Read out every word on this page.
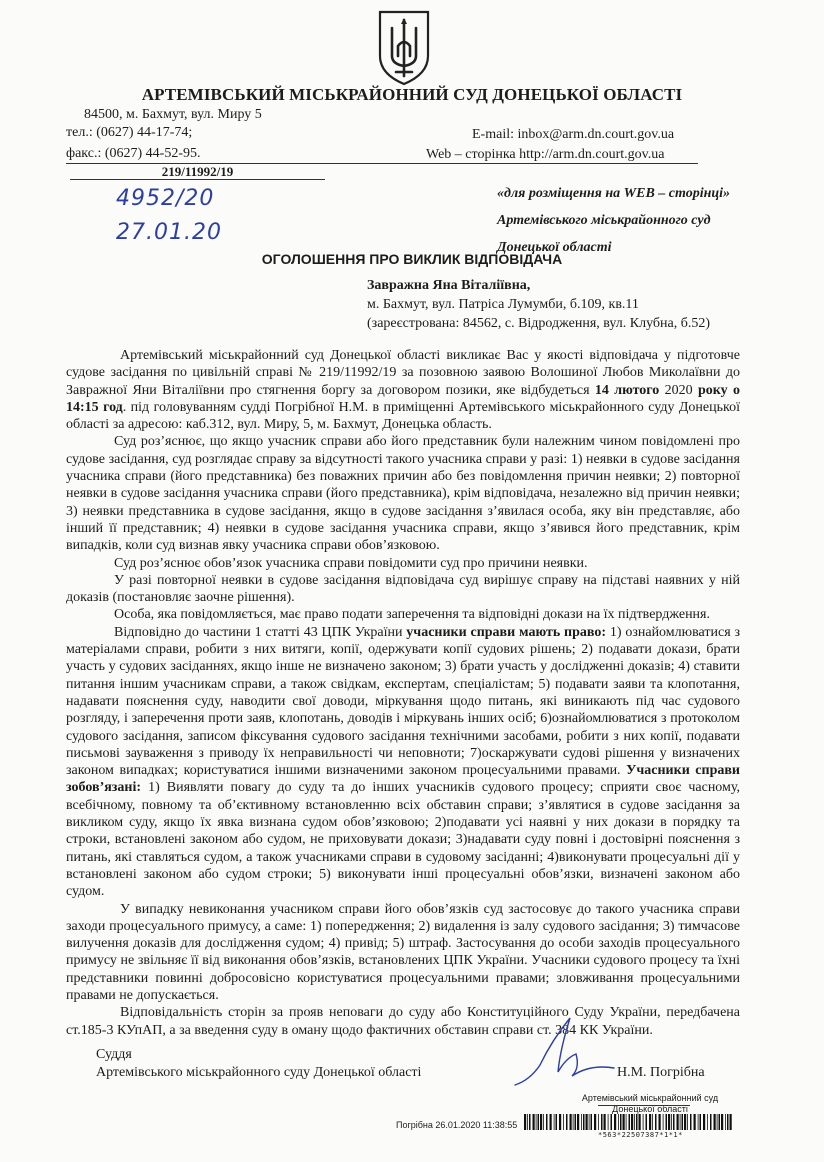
АРТЕМІВСЬКИЙ МІСЬКРАЙОННИЙ СУД ДОНЕЦЬКОЇ ОБЛАСТІ
84500, м. Бахмут, вул. Миру 5
тел.: (0627) 44-17-74;
факс.: (0627) 44-52-95.
E-mail: inbox@arm.dn.court.gov.ua
Web – сторінка http://arm.dn.court.gov.ua
219/11992/19
4952/20
27.01.20
«для розміщення на WEB – сторінці»
Артемівського міськрайонного суд
Донецької області
ОГОЛОШЕННЯ ПРО ВИКЛИК ВІДПОВІДАЧА
Завражна Яна Віталіївна,
м. Бахмут, вул. Патріса Лумумби, б.109, кв.11
(зареєстрована: 84562, с. Відродження, вул. Клубна, б.52)

Артемівський міськрайонний суд Донецької області викликає Вас у якості відповідача у підготовче судове засідання по цивільній справі № 219/11992/19 за позовною заявою Волошиної Любов Миколаївни до Завражної Яни Віталіївни про стягнення боргу за договором позики, яке відбудеться 14 лютого 2020 року о 14:15 год. під головуванням судді Погрібної Н.М. в приміщенні Артемівського міськрайонного суду Донецької області за адресою: каб.312, вул. Миру, 5, м. Бахмут, Донецька область.

Суд роз’яснює, що якщо учасник справи або його представник були належним чином повідомлені про судове засідання, суд розглядає справу за відсутності такого учасника справи у разі: 1) неявки в судове засідання учасника справи (його представника) без поважних причин або без повідомлення причин неявки; 2) повторної неявки в судове засідання учасника справи (його представника), крім відповідача, незалежно від причин неявки; 3) неявки представника в судове засідання, якщо в судове засідання з’явилася особа, яку він представляє, або інший її представник; 4) неявки в судове засідання учасника справи, якщо з’явився його представник, крім випадків, коли суд визнав явку учасника справи обов’язковою.

Суд роз’яснює обов’язок учасника справи повідомити суд про причини неявки.

У разі повторної неявки в судове засідання відповідача суд вирішує справу на підставі наявних у ній доказів (постановляє заочне рішення).

Особа, яка повідомляється, має право подати заперечення та відповідні докази на їх підтвердження.

Відповідно до частини 1 статті 43 ЦПК України учасники справи мають право: 1) ознайомлюватися з матеріалами справи, робити з них витяги, копії, одержувати копії судових рішень; 2) подавати докази, брати участь у судових засіданнях, якщо інше не визначено законом; 3) брати участь у дослідженні доказів; 4) ставити питання іншим учасникам справи, а також свідкам, експертам, спеціалістам; 5) подавати заяви та клопотання, надавати пояснення суду, наводити свої доводи, міркування щодо питань, які виникають під час судового розгляду, і заперечення проти заяв, клопотань, доводів і міркувань інших осіб; 6)ознайомлюватися з протоколом судового засідання, записом фіксування судового засідання технічними засобами, робити з них копії, подавати письмові зауваження з приводу їх неправильності чи неповноти; 7)оскаржувати судові рішення у визначених законом випадках; користуватися іншими визначеними законом процесуальними правами. Учасники справи зобов’язані: 1) Виявляти повагу до суду та до інших учасників судового процесу; сприяти своє часному, всебічному, повному та об’єктивному встановленню всіх обставин справи; з’являтися в судове засідання за викликом суду, якщо їх явка визнана судом обов’язковою; 2)подавати усі наявні у них докази в порядку та строки, встановлені законом або судом, не приховувати докази; 3)надавати суду повні і достовірні пояснення з питань, які ставляться судом, а також учасниками справи в судовому засіданні; 4)виконувати процесуальні дії у встановлені законом або судом строки; 5) виконувати інші процесуальні обов’язки, визначені законом або судом.

У випадку невиконання учасником справи його обов’язків суд застосовує до такого учасника справи заходи процесуального примусу, а саме: 1) попередження; 2) видалення із залу судового засідання; 3) тимчасове вилучення доказів для дослідження судом; 4) привід; 5) штраф. Застосування до особи заходів процесуального примусу не звільняє її від виконання обов’язків, встановлених ЦПК України. Учасники судового процесу та їхні представники повинні добросовісно користуватися процесуальними правами; зловживання процесуальними правами не допускається.

Відповідальність сторін за прояв неповаги до суду або Конституційного Суду України, передбачена ст.185-3 КУпАП, а за введення суду в оману щодо фактичних обставин справи ст. 384 КК України.

Суддя
Артемівського міськрайонного суду Донецької області	Н.М. Погрібна
Артемівський міськрайонний суд
Донецької області
Погрібна 26.01.2020 11:38:55
*563*22507387*1*1*
